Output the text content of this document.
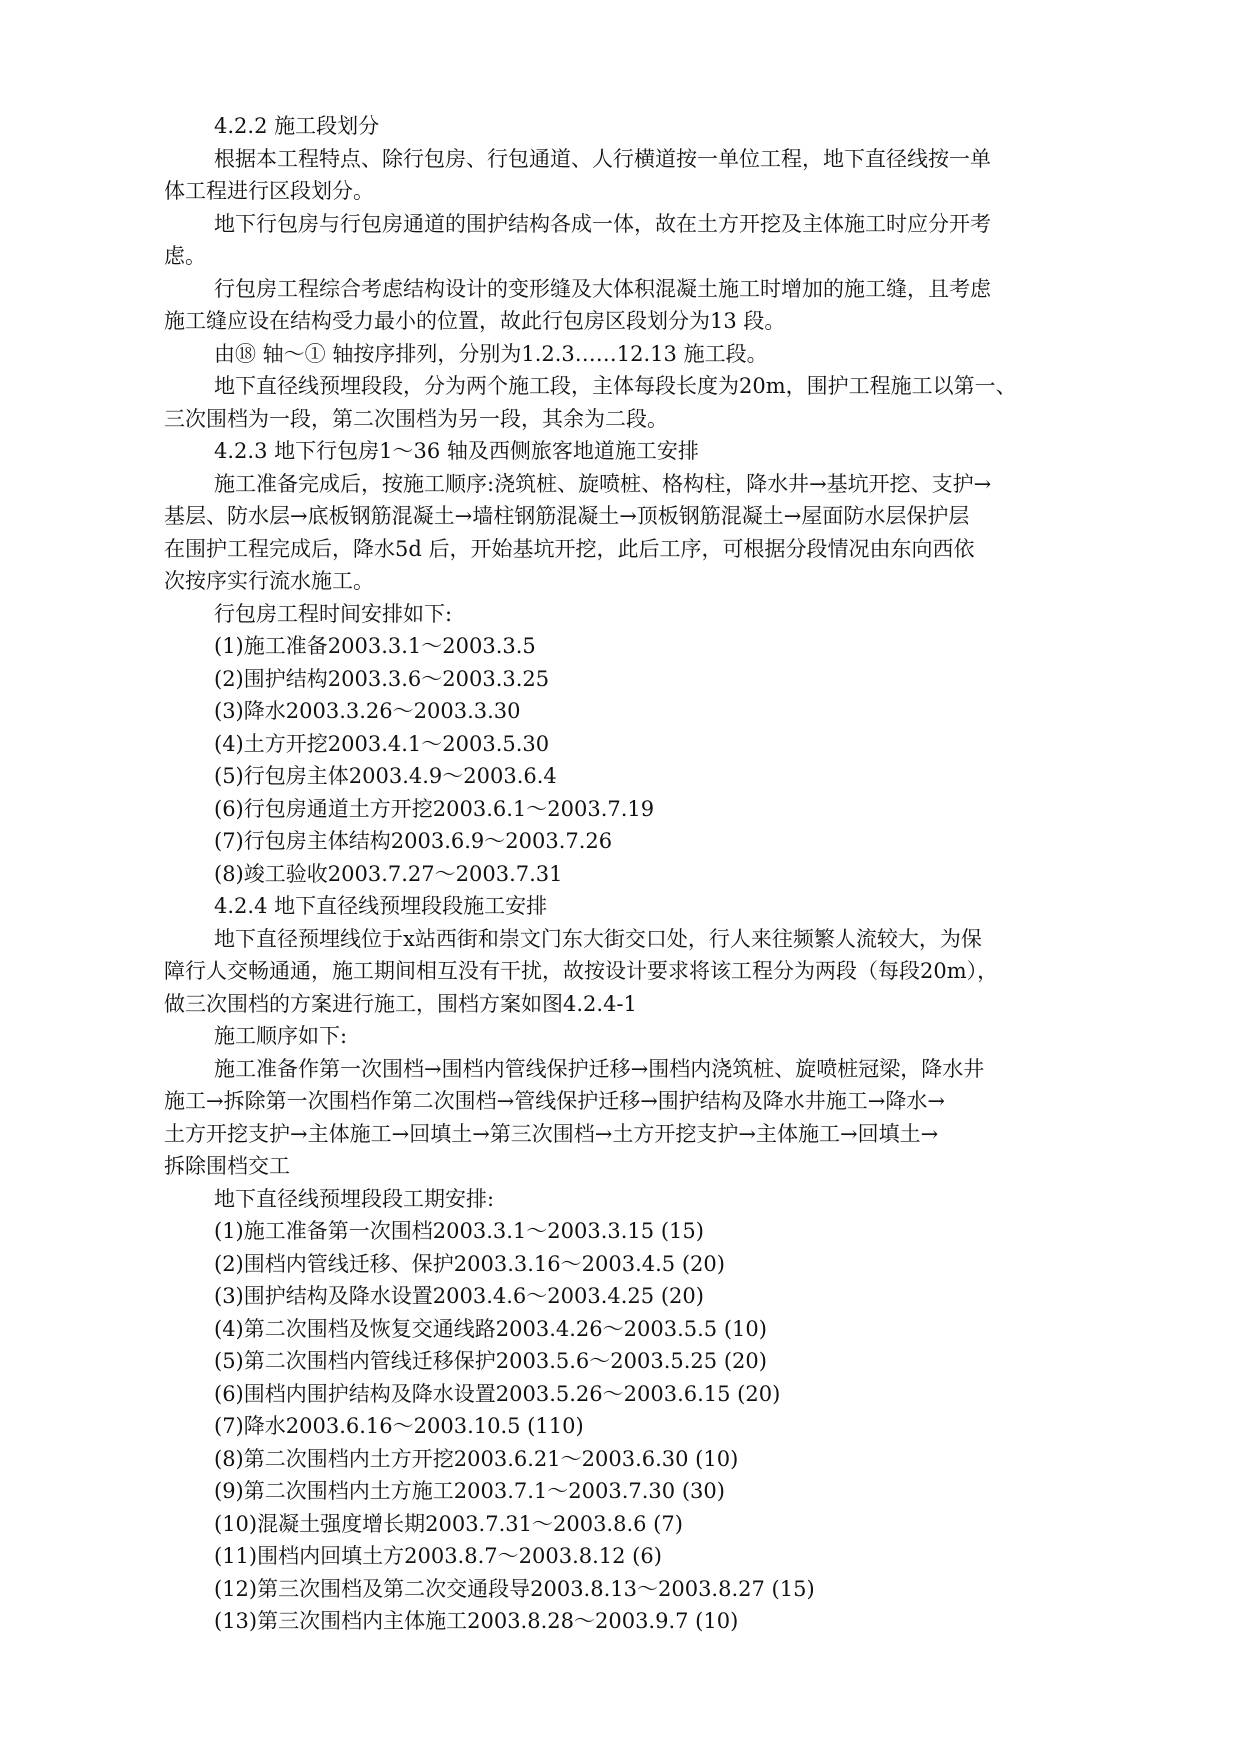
4.2.2 施工段划分
根据本工程特点、除行包房、行包通道、人行横道按一单位工程，地下直径线按一单
体工程进行区段划分。
地下行包房与行包房通道的围护结构各成一体，故在土方开挖及主体施工时应分开考
虑。
行包房工程综合考虑结构设计的变形缝及大体积混凝土施工时增加的施工缝，且考虑
施工缝应设在结构受力最小的位置，故此行包房区段划分为13 段。
由⑱ 轴～① 轴按序排列，分别为1.2.3……12.13 施工段。
地下直径线预埋段段，分为两个施工段，主体每段长度为20m，围护工程施工以第一、
三次围档为一段，第二次围档为另一段，其余为二段。
4.2.3 地下行包房1～36 轴及西侧旅客地道施工安排
施工准备完成后，按施工顺序:浇筑桩、旋喷桩、格构柱，降水井→基坑开挖、支护→
基层、防水层→底板钢筋混凝土→墙柱钢筋混凝土→顶板钢筋混凝土→屋面防水层保护层
在围护工程完成后，降水5d 后，开始基坑开挖，此后工序，可根据分段情况由东向西依
次按序实行流水施工。
行包房工程时间安排如下:
(1)施工准备2003.3.1～2003.3.5
(2)围护结构2003.3.6～2003.3.25
(3)降水2003.3.26～2003.3.30
(4)土方开挖2003.4.1～2003.5.30
(5)行包房主体2003.4.9～2003.6.4
(6)行包房通道土方开挖2003.6.1～2003.7.19
(7)行包房主体结构2003.6.9～2003.7.26
(8)竣工验收2003.7.27～2003.7.31
4.2.4 地下直径线预埋段段施工安排
地下直径预埋线位于x站西街和崇文门东大街交口处，行人来往频繁人流较大，为保
障行人交畅通通，施工期间相互没有干扰，故按设计要求将该工程分为两段（每段20m），
做三次围档的方案进行施工，围档方案如图4.2.4-1
施工顺序如下:
施工准备作第一次围档→围档内管线保护迁移→围档内浇筑桩、旋喷桩冠梁，降水井
施工→拆除第一次围档作第二次围档→管线保护迁移→围护结构及降水井施工→降水→
土方开挖支护→主体施工→回填土→第三次围档→土方开挖支护→主体施工→回填土→
拆除围档交工
地下直径线预埋段段工期安排:
(1)施工准备第一次围档2003.3.1～2003.3.15 (15)
(2)围档内管线迁移、保护2003.3.16～2003.4.5 (20)
(3)围护结构及降水设置2003.4.6～2003.4.25 (20)
(4)第二次围档及恢复交通线路2003.4.26～2003.5.5 (10)
(5)第二次围档内管线迁移保护2003.5.6～2003.5.25 (20)
(6)围档内围护结构及降水设置2003.5.26～2003.6.15 (20)
(7)降水2003.6.16～2003.10.5 (110)
(8)第二次围档内土方开挖2003.6.21～2003.6.30 (10)
(9)第二次围档内土方施工2003.7.1～2003.7.30 (30)
(10)混凝土强度增长期2003.7.31～2003.8.6 (7)
(11)围档内回填土方2003.8.7～2003.8.12 (6)
(12)第三次围档及第二次交通段导2003.8.13～2003.8.27 (15)
(13)第三次围档内主体施工2003.8.28～2003.9.7 (10)
